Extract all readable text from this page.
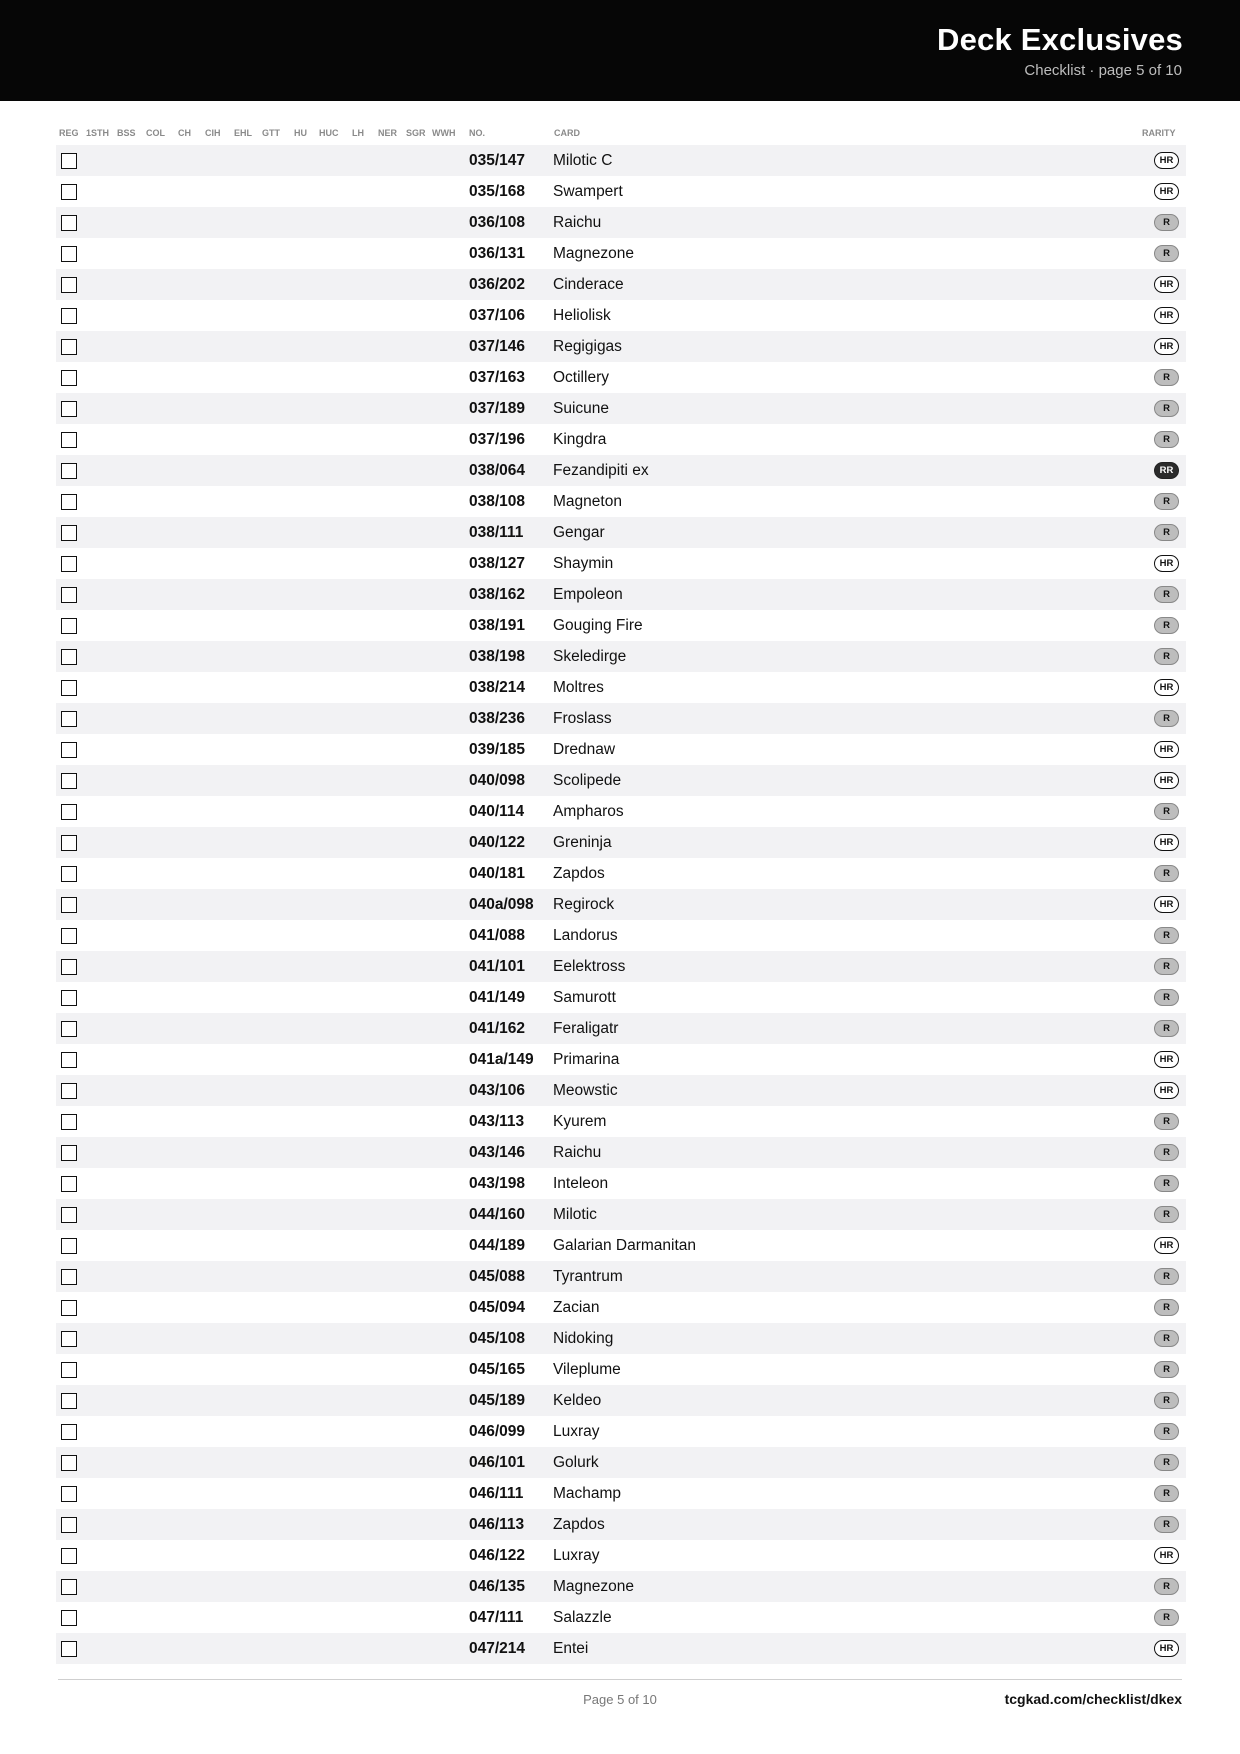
Deck Exclusives
Checklist · page 5 of 10
NO.	CARD	RARITY
REG 1STH BSS COL CH CIH EHL GTT HU HUC LH NER SGR WWH
035/147 Milotic C	HR
035/168 Swampert	HR
036/108 Raichu	R
036/131 Magnezone	R
036/202 Cinderace	HR
037/106 Heliolisk	HR
037/146 Regigigas	HR
037/163 Octillery	R
037/189 Suicune	R
037/196 Kingdra	R
038/064 Fezandipiti ex	RR
038/108 Magneton	R
038/111 Gengar	R
038/127 Shaymin	HR
038/162 Empoleon	R
038/191 Gouging Fire	R
038/198 Skeledirge	R
038/214 Moltres	HR
038/236 Froslass	R
039/185 Drednaw	HR
040/098 Scolipede	HR
040/114 Ampharos	R
040/122 Greninja	HR
040/181 Zapdos	R
040a/098 Regirock	HR
041/088 Landorus	R
041/101 Eelektross	R
041/149 Samurott	R
041/162 Feraligatr	R
041a/149 Primarina	HR
043/106 Meowstic	HR
043/113 Kyurem	R
043/146 Raichu	R
043/198 Inteleon	R
044/160 Milotic	R
044/189 Galarian Darmanitan	HR
045/088 Tyrantrum	R
045/094 Zacian	R
045/108 Nidoking	R
045/165 Vileplume	R
045/189 Keldeo	R
046/099 Luxray	R
046/101 Golurk	R
046/111 Machamp	R
046/113 Zapdos	R
046/122 Luxray	HR
046/135 Magnezone	R
047/111 Salazzle	R
047/214 Entei	HR
Page 5 of 10	tcgkad.com/checklist/dkex
